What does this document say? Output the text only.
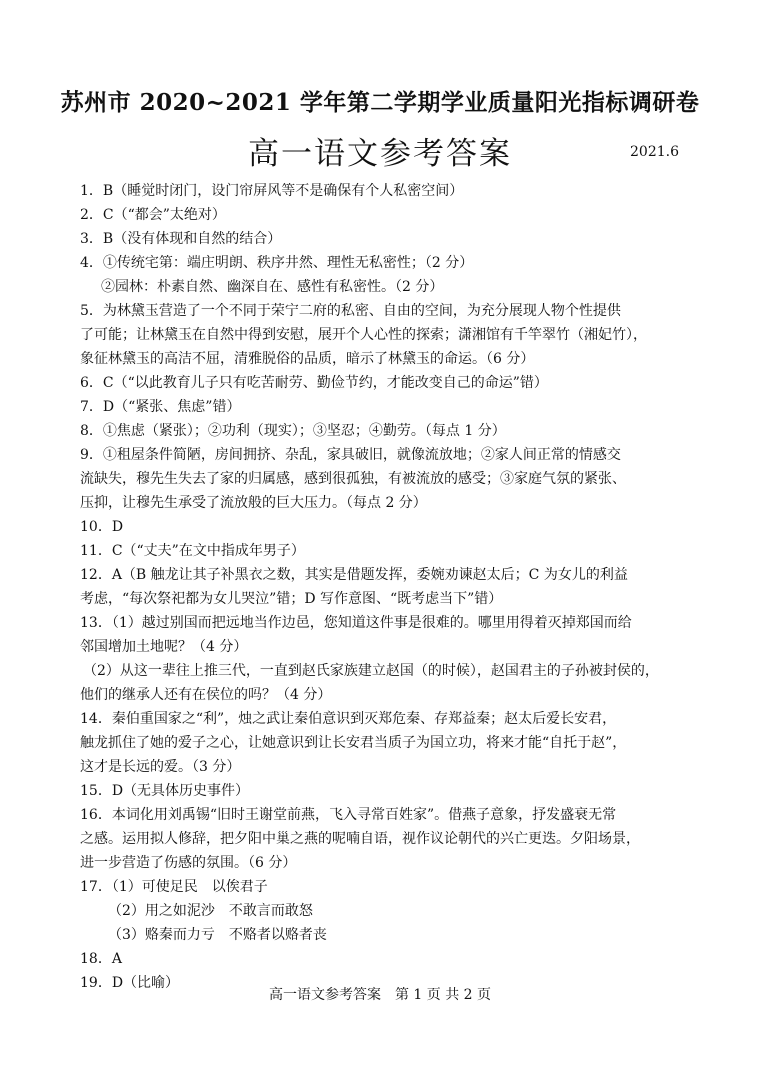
苏州市 2020~2021 学年第二学期学业质量阳光指标调研卷
高一语文参考答案	2021.6
1．B（睡觉时闭门，设门帘屏风等不是确保有个人私密空间）
2．C（“都会”太绝对）
3．B（没有体现和自然的结合）
4．①传统宅第：端庄明朗、秩序井然、理性无私密性；（2 分）
②园林：朴素自然、幽深自在、感性有私密性。（2 分）
5．为林黛玉营造了一个不同于荣宁二府的私密、自由的空间，为充分展现人物个性提供
了可能；让林黛玉在自然中得到安慰，展开个人心性的探索；潇湘馆有千竿翠竹（湘妃竹），
象征林黛玉的高洁不屈，清雅脱俗的品质，暗示了林黛玉的命运。（6 分）
6．C（“以此教育儿子只有吃苦耐劳、勤俭节约，才能改变自己的命运”错）
7．D（“紧张、焦虑”错）
8．①焦虑（紧张）；②功利（现实）；③坚忍；④勤劳。（每点 1 分）
9．①租屋条件简陋，房间拥挤、杂乱，家具破旧，就像流放地；②家人间正常的情感交
流缺失，穆先生失去了家的归属感，感到很孤独，有被流放的感受；③家庭气氛的紧张、
压抑，让穆先生承受了流放般的巨大压力。（每点 2 分）
10．D
11．C（“丈夫”在文中指成年男子）
12．A（B 触龙让其子补黑衣之数，其实是借题发挥，委婉劝谏赵太后；C 为女儿的利益
考虑，“每次祭祀都为女儿哭泣”错；D 写作意图、“既考虑当下”错）
13．（1）越过别国而把远地当作边邑，您知道这件事是很难的。哪里用得着灭掉郑国而给
邻国增加土地呢？（4 分）
（2）从这一辈往上推三代，一直到赵氏家族建立赵国（的时候），赵国君主的子孙被封侯的，
他们的继承人还有在侯位的吗？（4 分）
14．秦伯重国家之“利”，烛之武让秦伯意识到灭郑危秦、存郑益秦；赵太后爱长安君，
触龙抓住了她的爱子之心，让她意识到让长安君当质子为国立功，将来才能“自托于赵”，
这才是长远的爱。（3 分）
15．D（无具体历史事件）
16．本词化用刘禹锡“旧时王谢堂前燕，飞入寻常百姓家”。借燕子意象，抒发盛衰无常
之感。运用拟人修辞，把夕阳中巢之燕的呢喃自语，视作议论朝代的兴亡更迭。夕阳场景，
进一步营造了伤感的氛围。（6 分）
17．（1）可使足民　以俟君子
（2）用之如泥沙　不敢言而敢怒
（3）赂秦而力亏　不赂者以赂者丧
18．A
19．D（比喻）
高一语文参考答案　第 1 页 共 2 页
